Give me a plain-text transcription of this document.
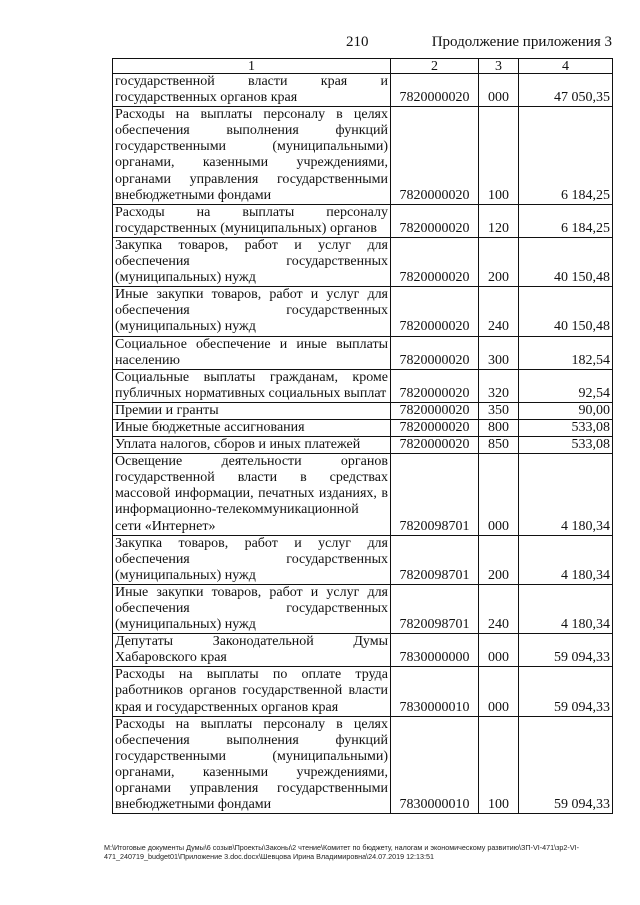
210	Продолжение приложения 3
1	2	3	4
государственной власти края и государственных органов края	7820000020	000	47 050,35
Расходы на выплаты персоналу в целях обеспечения выполнения функций государственными (муниципальными) органами, казенными учреждениями, органами управления государственными внебюджетными фондами	7820000020	100	6 184,25
Расходы на выплаты персоналу государственных (муниципальных) органов	7820000020	120	6 184,25
Закупка товаров, работ и услуг для обеспечения государственных (муниципальных) нужд	7820000020	200	40 150,48
Иные закупки товаров, работ и услуг для обеспечения государственных (муниципальных) нужд	7820000020	240	40 150,48
Социальное обеспечение и иные выплаты населению	7820000020	300	182,54
Социальные выплаты гражданам, кроме публичных нормативных социальных выплат	7820000020	320	92,54
Премии и гранты	7820000020	350	90,00
Иные бюджетные ассигнования	7820000020	800	533,08
Уплата налогов, сборов и иных платежей	7820000020	850	533,08
Освещение деятельности органов государственной власти в средствах массовой информации, печатных изданиях, в информационно-телекоммуникационной сети «Интернет»	7820098701	000	4 180,34
Закупка товаров, работ и услуг для обеспечения государственных (муниципальных) нужд	7820098701	200	4 180,34
Иные закупки товаров, работ и услуг для обеспечения государственных (муниципальных) нужд	7820098701	240	4 180,34
Депутаты Законодательной Думы Хабаровского края	7830000000	000	59 094,33
Расходы на выплаты по оплате труда работников органов государственной власти края и государственных органов края	7830000010	000	59 094,33
Расходы на выплаты персоналу в целях обеспечения выполнения функций государственными (муниципальными) органами, казенными учреждениями, органами управления государственными внебюджетными фондами	7830000010	100	59 094,33
M:\Итоговые документы Думы\6 созыв\Проекты\Законы\2 чтение\Комитет по бюджету, налогам и экономическому развитию\ЗП-VI-471\зр2-VI-471_240719_budget01\Приложение 3.doc.docx\Шевцова Ирина Владимировна\24.07.2019 12:13:51
